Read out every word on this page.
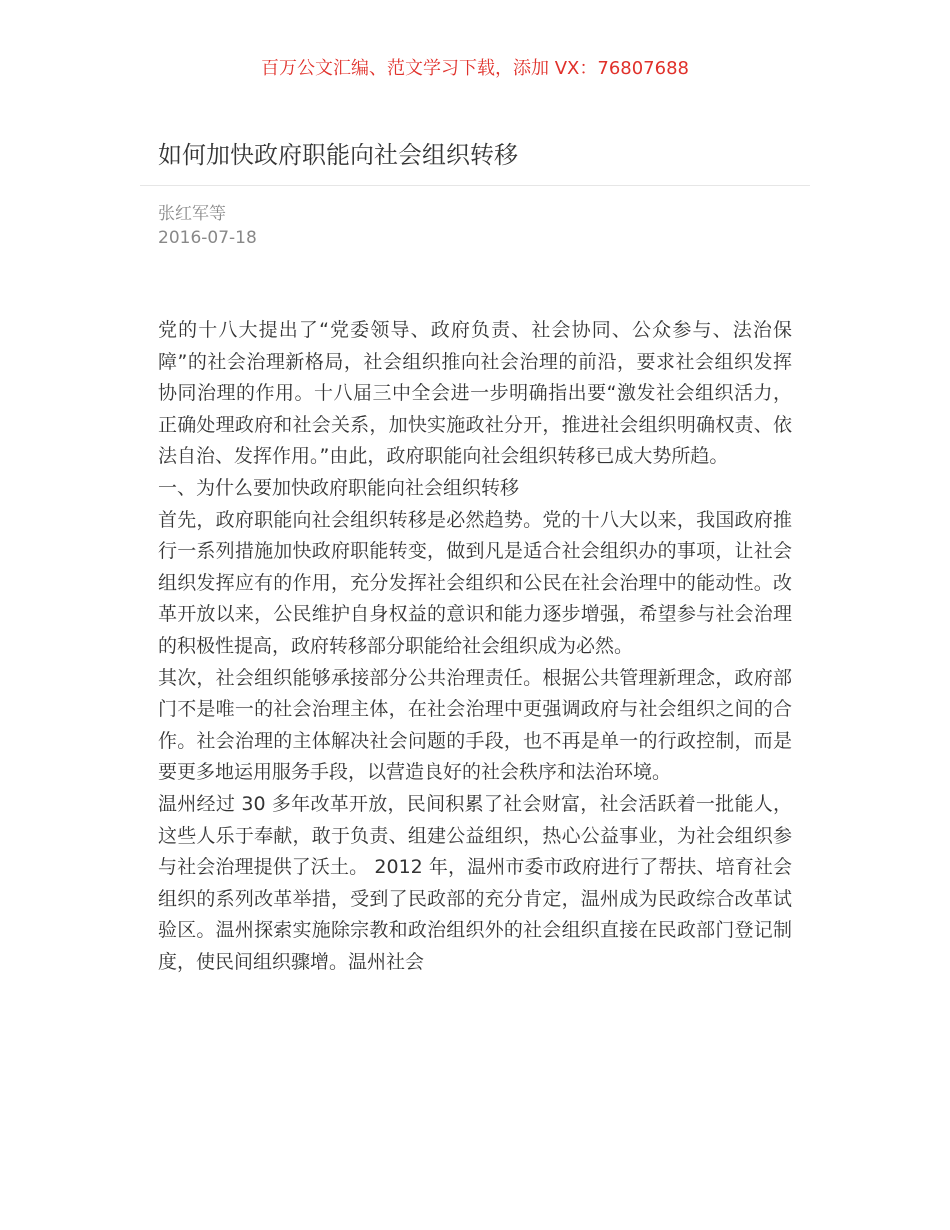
百万公文汇编、范文学习下载，添加 VX：76807688
如何加快政府职能向社会组织转移
张红军等
2016-07-18

党的十八大提出了“党委领导、政府负责、社会协同、公众参与、法治保障”的社会治理新格局，社会组织推向社会治理的前沿，要求社会组织发挥协同治理的作用。十八届三中全会进一步明确指出要“激发社会组织活力，正确处理政府和社会关系，加快实施政社分开，推进社会组织明确权责、依法自治、发挥作用。”由此，政府职能向社会组织转移已成大势所趋。

一、为什么要加快政府职能向社会组织转移

首先，政府职能向社会组织转移是必然趋势。党的十八大以来，我国政府推行一系列措施加快政府职能转变，做到凡是适合社会组织办的事项，让社会组织发挥应有的作用，充分发挥社会组织和公民在社会治理中的能动性。改革开放以来，公民维护自身权益的意识和能力逐步增强，希望参与社会治理的积极性提高，政府转移部分职能给社会组织成为必然。

其次，社会组织能够承接部分公共治理责任。根据公共管理新理念，政府部门不是唯一的社会治理主体，在社会治理中更强调政府与社会组织之间的合作。社会治理的主体解决社会问题的手段，也不再是单一的行政控制，而是要更多地运用服务手段，以营造良好的社会秩序和法治环境。

温州经过 30 多年改革开放，民间积累了社会财富，社会活跃着一批能人，这些人乐于奉献，敢于负责、组建公益组织，热心公益事业，为社会组织参与社会治理提供了沃土。 2012 年，温州市委市政府进行了帮扶、培育社会组织的系列改革举措，受到了民政部的充分肯定，温州成为民政综合改革试验区。温州探索实施除宗教和政治组织外的社会组织直接在民政部门登记制度，使民间组织骤增。温州社会
